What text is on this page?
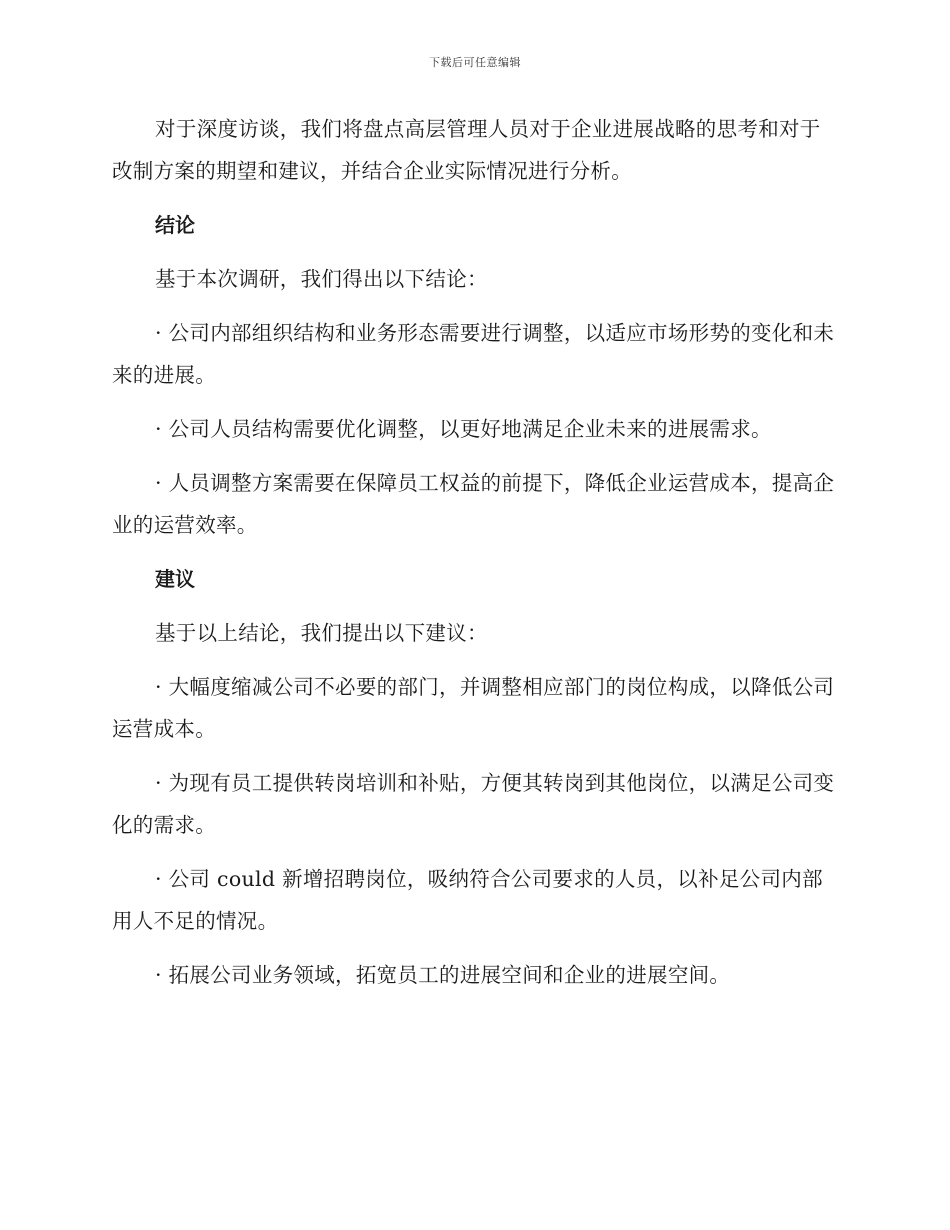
下载后可任意编辑

对于深度访谈，我们将盘点高层管理人员对于企业进展战略的思考和对于改制方案的期望和建议，并结合企业实际情况进行分析。

结论

基于本次调研，我们得出以下结论：

· 公司内部组织结构和业务形态需要进行调整，以适应市场形势的变化和未来的进展。

· 公司人员结构需要优化调整，以更好地满足企业未来的进展需求。

· 人员调整方案需要在保障员工权益的前提下，降低企业运营成本，提高企业的运营效率。

建议

基于以上结论，我们提出以下建议：

· 大幅度缩减公司不必要的部门，并调整相应部门的岗位构成，以降低公司运营成本。

· 为现有员工提供转岗培训和补贴，方便其转岗到其他岗位，以满足公司变化的需求。

· 公司 could 新增招聘岗位，吸纳符合公司要求的人员，以补足公司内部用人不足的情况。

· 拓展公司业务领域，拓宽员工的进展空间和企业的进展空间。
